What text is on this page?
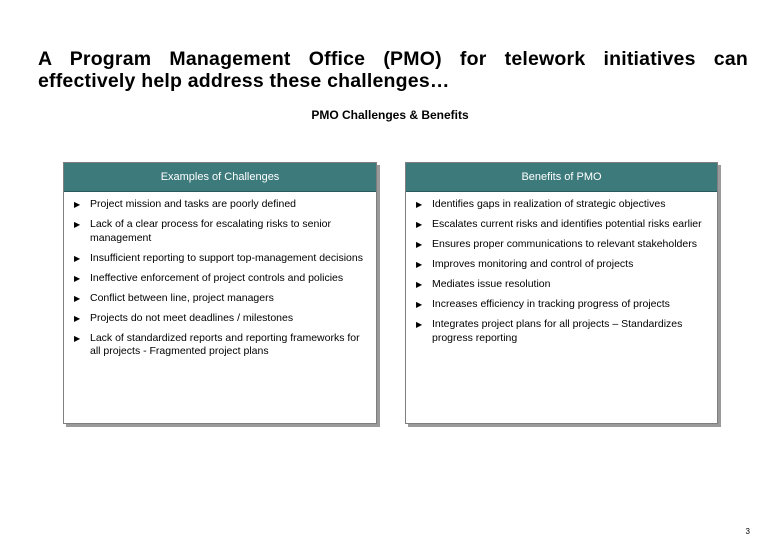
A Program Management Office (PMO) for telework initiatives can effectively help address these challenges…

PMO Challenges & Benefits

Examples of Challenges
▶ Project mission and tasks are poorly defined
▶ Lack of a clear process for escalating risks to senior management
▶ Insufficient reporting to support top-management decisions
▶ Ineffective enforcement of project controls and policies
▶ Conflict between line, project managers
▶ Projects do not meet deadlines / milestones
▶ Lack of standardized reports and reporting frameworks for all projects - Fragmented project plans
Benefits of PMO
▶ Identifies gaps in realization of strategic objectives
▶ Escalates current risks and identifies potential risks earlier
▶ Ensures proper communications to relevant stakeholders
▶ Improves monitoring and control of projects
▶ Mediates issue resolution
▶ Increases efficiency in tracking progress of projects
▶ Integrates project plans for all projects – Standardizes progress reporting
3
